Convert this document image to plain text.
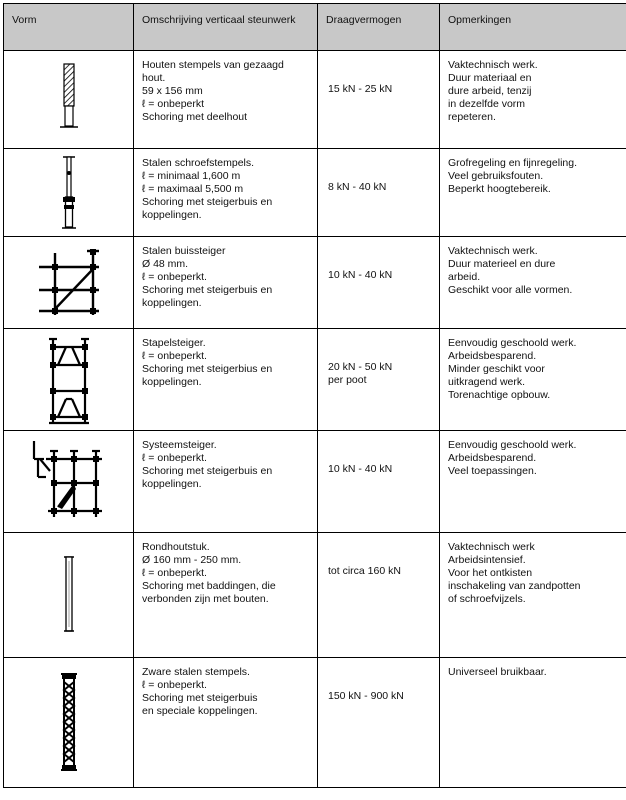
Vorm	Omschrijving verticaal steunwerk	Draagvermogen	Opmerkingen

Houten stempels van gezaagd
hout.
59 x 156 mm
ℓ = onbeperkt
Schoring met deelhout	15 kN - 25 kN	Vaktechnisch werk.
Duur materiaal en
dure arbeid, tenzij
in dezelfde vorm
repeteren.

Stalen schroefstempels.
ℓ = minimaal 1,600 m
ℓ = maximaal 5,500 m
Schoring met steigerbuis en
koppelingen.	8 kN - 40 kN	Grofregeling en fijnregeling.
Veel gebruiksfouten.
Beperkt hoogtebereik.

Stalen buissteiger
Ø 48 mm.
ℓ = onbeperkt.
Schoring met steigerbuis en
koppelingen.	10 kN - 40 kN	Vaktechnisch werk.
Duur materieel en dure
arbeid.
Geschikt voor alle vormen.

Stapelsteiger.
ℓ = onbeperkt.
Schoring met steigerbius en
koppelingen.	20 kN - 50 kN
per poot	Eenvoudig geschoold werk.
Arbeidsbesparend.
Minder geschikt voor
uitkragend werk.
Torenachtige opbouw.

Systeemsteiger.
ℓ = onbeperkt.
Schoring met steigerbuis en
koppelingen.	10 kN - 40 kN	Eenvoudig geschoold werk.
Arbeidsbesparend.
Veel toepassingen.

Rondhoutstuk.
Ø 160 mm - 250 mm.
ℓ = onbeperkt.
Schoring met baddingen, die
verbonden zijn met bouten.	tot circa 160 kN	Vaktechnisch werk
Arbeidsintensief.
Voor het ontkisten
inschakeling van zandpotten
of schroefvijzels.

Zware stalen stempels.
ℓ = onbeperkt.
Schoring met steigerbuis
en speciale koppelingen.	150 kN - 900 kN	Universeel bruikbaar.
